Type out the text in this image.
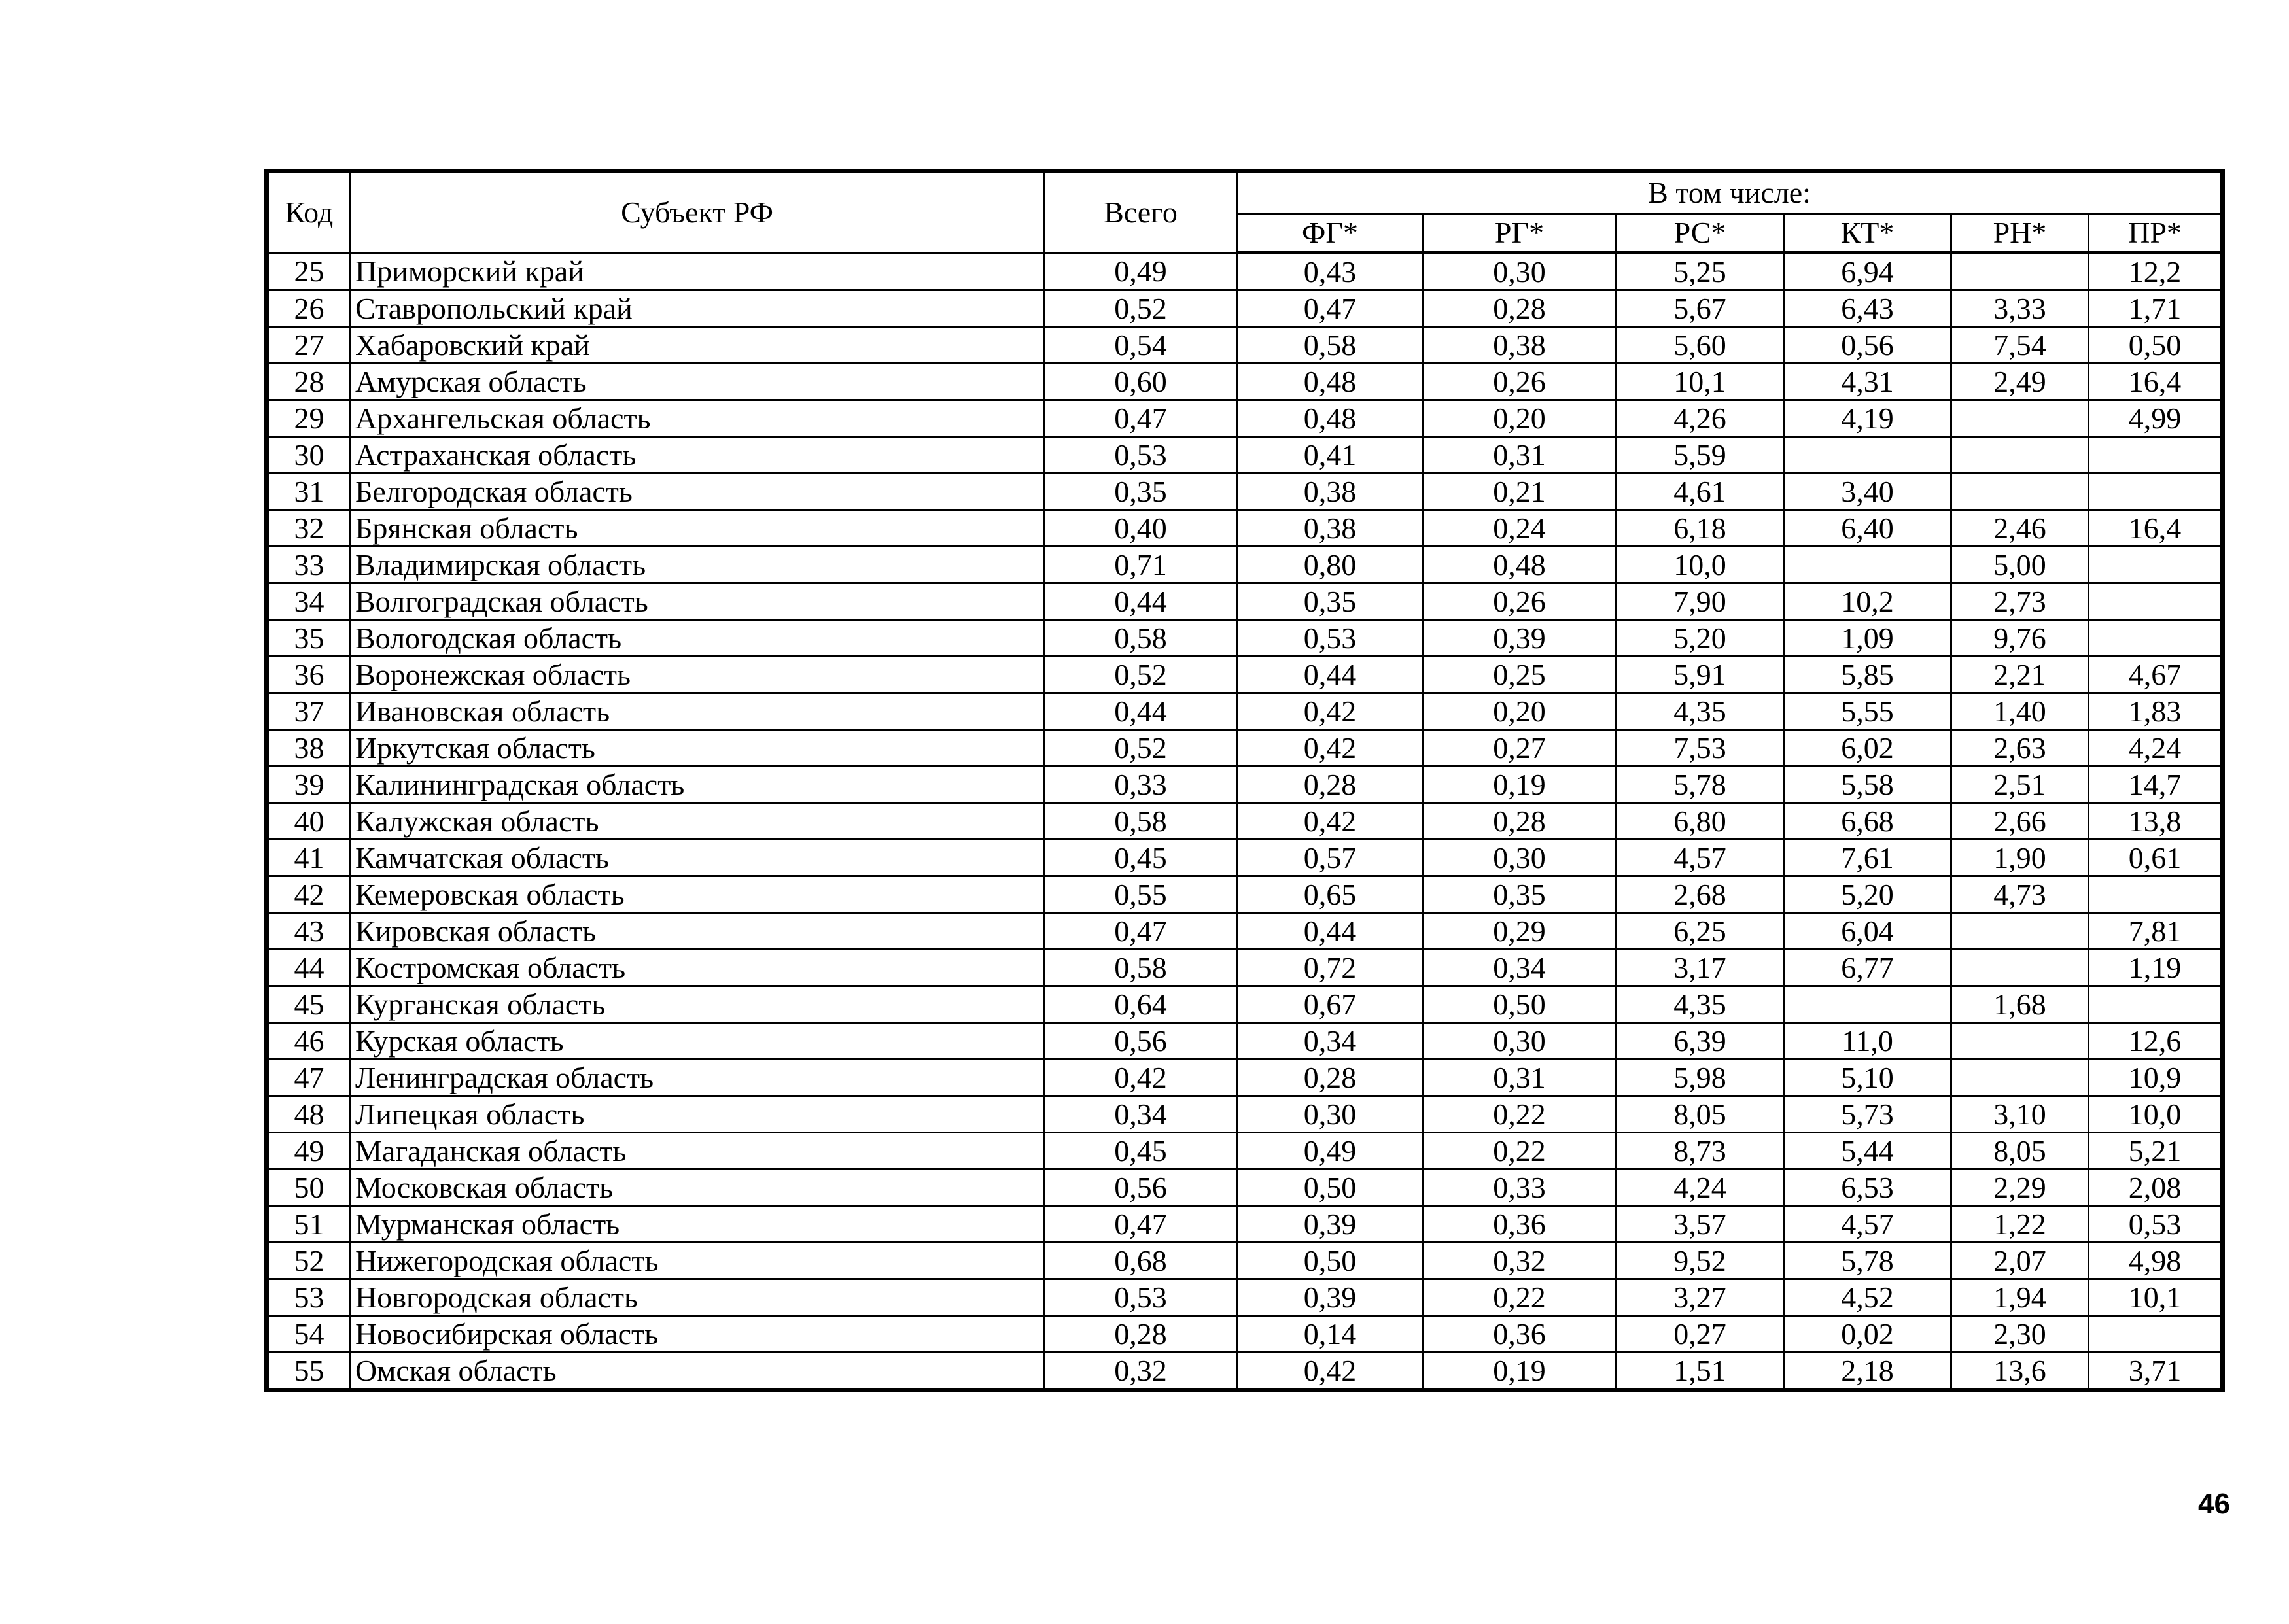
Код	Субъект РФ	Всего	В том числе:					
			ФГ*	РГ*	РС*	КТ*	РН*	ПР*
25	Приморский край	0,49	0,43	0,30	5,25	6,94		12,2
26	Ставропольский край	0,52	0,47	0,28	5,67	6,43	3,33	1,71
27	Хабаровский край	0,54	0,58	0,38	5,60	0,56	7,54	0,50
28	Амурская область	0,60	0,48	0,26	10,1	4,31	2,49	16,4
29	Архангельская область	0,47	0,48	0,20	4,26	4,19		4,99
30	Астраханская область	0,53	0,41	0,31	5,59			
31	Белгородская область	0,35	0,38	0,21	4,61	3,40		
32	Брянская область	0,40	0,38	0,24	6,18	6,40	2,46	16,4
33	Владимирская область	0,71	0,80	0,48	10,0		5,00	
34	Волгоградская область	0,44	0,35	0,26	7,90	10,2	2,73	
35	Вологодская область	0,58	0,53	0,39	5,20	1,09	9,76	
36	Воронежская область	0,52	0,44	0,25	5,91	5,85	2,21	4,67
37	Ивановская область	0,44	0,42	0,20	4,35	5,55	1,40	1,83
38	Иркутская область	0,52	0,42	0,27	7,53	6,02	2,63	4,24
39	Калининградская область	0,33	0,28	0,19	5,78	5,58	2,51	14,7
40	Калужская область	0,58	0,42	0,28	6,80	6,68	2,66	13,8
41	Камчатская область	0,45	0,57	0,30	4,57	7,61	1,90	0,61
42	Кемеровская область	0,55	0,65	0,35	2,68	5,20	4,73	
43	Кировская область	0,47	0,44	0,29	6,25	6,04		7,81
44	Костромская область	0,58	0,72	0,34	3,17	6,77		1,19
45	Курганская область	0,64	0,67	0,50	4,35		1,68	
46	Курская область	0,56	0,34	0,30	6,39	11,0		12,6
47	Ленинградская область	0,42	0,28	0,31	5,98	5,10		10,9
48	Липецкая область	0,34	0,30	0,22	8,05	5,73	3,10	10,0
49	Магаданская область	0,45	0,49	0,22	8,73	5,44	8,05	5,21
50	Московская область	0,56	0,50	0,33	4,24	6,53	2,29	2,08
51	Мурманская область	0,47	0,39	0,36	3,57	4,57	1,22	0,53
52	Нижегородская область	0,68	0,50	0,32	9,52	5,78	2,07	4,98
53	Новгородская область	0,53	0,39	0,22	3,27	4,52	1,94	10,1
54	Новосибирская область	0,28	0,14	0,36	0,27	0,02	2,30	
55	Омская область	0,32	0,42	0,19	1,51	2,18	13,6	3,71
46
